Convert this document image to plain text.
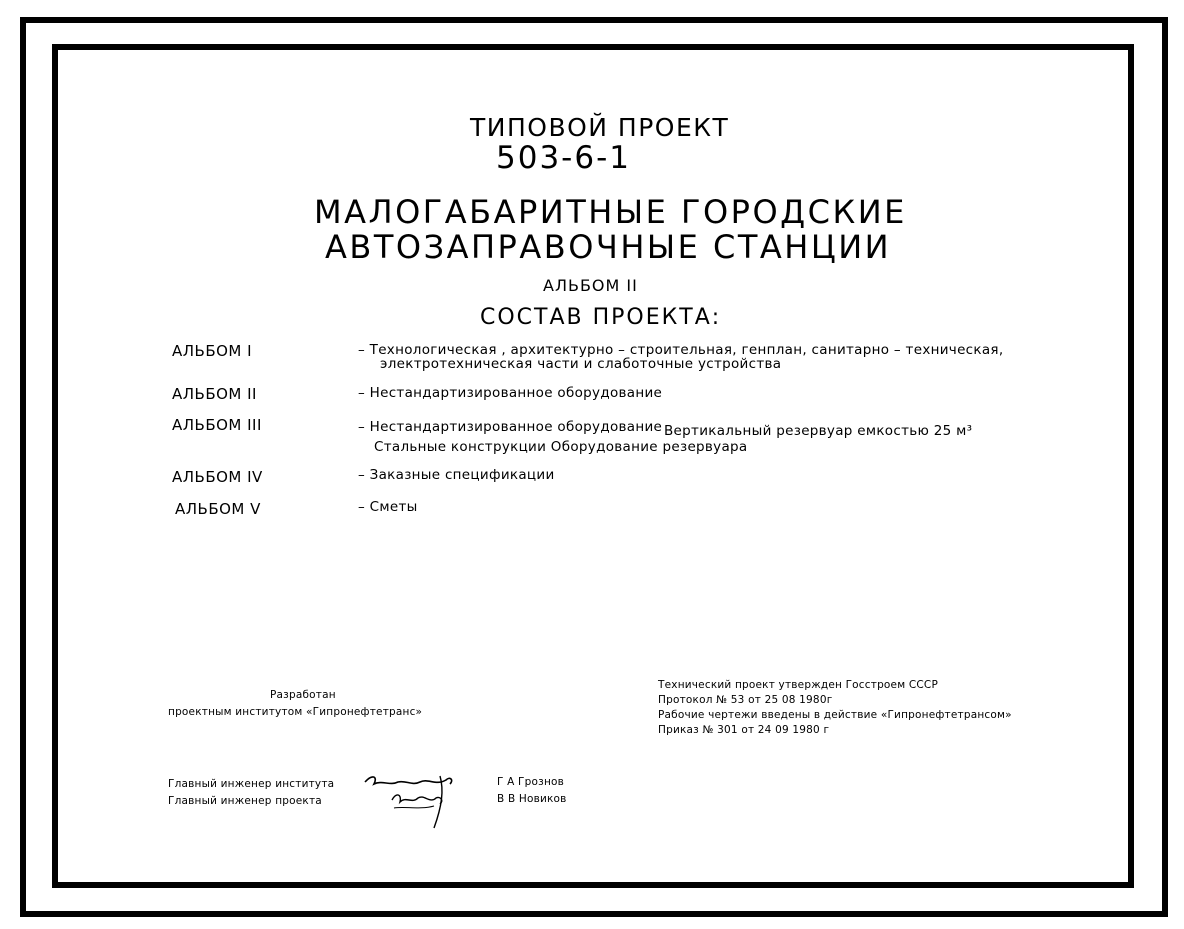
ТИПОВОЙ ПРОЕКТ
503-6-1
МАЛОГАБАРИТНЫЕ ГОРОДСКИЕ
АВТОЗАПРАВОЧНЫЕ СТАНЦИИ
АЛЬБОМ II
СОСТАВ ПРОЕКТА:
АЛЬБОМ I	– Технологическая , архитектурно – строительная, генплан, санитарно – техническая,
электротехническая части и слаботочные устройства
АЛЬБОМ II	– Нестандартизированное оборудование
АЛЬБОМ III	– Нестандартизированное оборудование Вертикальный резервуар емкостью 25 м³
Стальные конструкции Оборудование резервуара
АЛЬБОМ IV	– Заказные спецификации
АЛЬБОМ V	– Сметы
Разработан
проектным институтом «Гипронефтетранс»
Технический проект утвержден Госстроем СССР
Протокол № 53 от 25 08 1980г
Рабочие чертежи введены в действие «Гипронефтетрансом»
Приказ № 301 от 24 09 1980 г
Главный инженер института
Главный инженер проекта
Г А Грознов
В В Новиков
